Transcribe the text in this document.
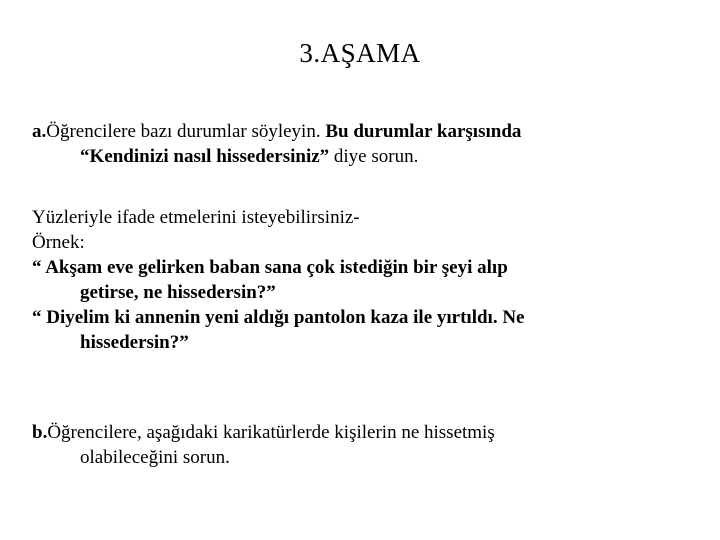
3.AŞAMA
a.Öğrencilere bazı durumlar söyleyin. Bu durumlar karşısında
“Kendinizi nasıl hissedersiniz” diye sorun.
Yüzleriyle ifade etmelerini isteyebilirsiniz-
Örnek:
“ Akşam eve gelirken baban sana çok istediğin bir şeyi alıp
getirse, ne hissedersin?”
“ Diyelim ki annenin yeni aldığı pantolon kaza ile yırtıldı. Ne
hissedersin?”
b.Öğrencilere, aşağıdaki karikatürlerde kişilerin ne hissetmiş
olabileceğini sorun.
